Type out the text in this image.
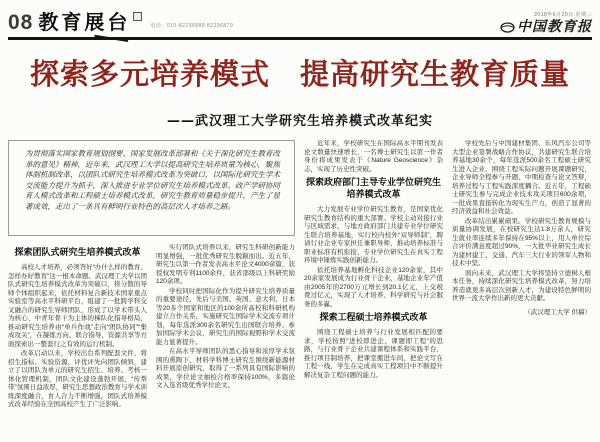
08 教育展台	电话：010-82296888 82296879
2018年6月20日 星期三
中国教育报
探索多元培养模式　提高研究生教育质量
——武汉理工大学研究生培养模式改革纪实
为贯彻落实国家教育规划纲要、国家发展改革部署和《关于深化研究生教育改革的意见》精神，近年来，武汉理工大学以提高研究生培养质量为核心，聚焦体制机制改革，以团队式研究生培养模式改革为突破口，以国际化研究生学术交流能力提升为抓手，深入推进专业学位研究生培养模式改革、政产学研协同育人模式改革和工程硕士培养模式改革，研究生教育质量稳步提升，产生了显著成效，走出了一条具有鲜明行业特色的高层次人才培养之路。
探索团队式研究生培养模式改革

高校人才培养，必须答好“办什么样的教育、怎样办好教育”这一根本命题。武汉理工大学以团队式研究生培养模式改革为突破口，将分散的导师个体组织起来，依托材料复合新技术国家重点实验室等高水平科研平台，组建了一批跨学科交叉融合的研究生导师团队，形成了以学术带头人为核心、中青年骨干为主体的梯队化指导格局，推动研究生培养由“单兵作战”走向“团队协同”“集成攻关”，在凝练方向、联合指导、资源共享等方面探索出一整套行之有效的运行机制。

改革启动以来，学校出台系列配套文件，将招生指标、实验资源、评优评先向团队倾斜，建立了以团队为单元的研究生招生、培养、考核一体化管理机制，团队文化建设蓬勃开展，“传帮带”氛围日益浓厚，研究生思想政治教育与学术训练深度融合，育人合力不断增强，团队式培养模式改革经验在全国高校产生了广泛影响。

实行团队式培养以来，研究生科研创新能力明显增强，一批优秀研究生脱颖而出。近五年，研究生以第一作者发表高水平论文4000余篇，获授权发明专利1100余件，获省部级以上科研奖励120余项。

学校同时把国际化作为提升研究生培养质量的重要途径，先后与美国、英国、意大利、日本等20多个国家和地区的100余所高校和科研机构建立合作关系，实施研究生国际学术交流专项计划，每年选派300余名研究生出国联合培养、参加国际学术会议，研究生的国际视野和学术交流能力显著提升。

在高水平导师团队的悉心指导和浓厚学术氛围的熏陶下，材料学科博士研究生围绕新能源材料开展原创研究，取得了一系列具有国际影响的成果，学位论文抽检合格率保持100%，多篇论文入选省级优秀学位论文。

近年来，学校研究生在国际高水平期刊发表论文数量快速增长，一名博士研究生以第一作者身份将成果发表于《Nature Geoscience》杂志，实现了历史性突破。

探索政府部门主导专业学位研究生培养模式改革

大力发展专业学位研究生教育，是国家优化研究生教育结构的重大部署。学校主动对接行业与区域需求，与地方政府部门共建专业学位研究生联合培养基地，实行校内校外“双导师制”，聘请行业企业专家担任兼职导师，推动培养标准与职业标准有机衔接，专业学位研究生在真实工程环境中锤炼实践创新能力。

依托培养基地孵化科技企业120余家，其中20余家发展成为行业骨干企业，基地企业年产值由2005年的2700万元增长到20.1亿元，上交税费过亿元，实现了人才培养、科学研究与社会服务的多赢。

探索工程硕士培养模式改革

围绕工程硕士培养与行业发展相匹配的要求，学校按照“进校即进企、课题即工程”的思路，与行业骨干企业共建课程体系和实践平台，推行项目制培养，把课堂搬进车间、把论文写在工程一线，学生在完成真实工程项目中不断提升解决复杂工程问题的能力。

学校先后与中国建材集团、东风汽车公司等大型企业签署战略合作协议，共建研究生联合培养基地30余个，每年选派500余名工程硕士研究生进入企业，围绕工程实际问题开展课题研究，企业导师全程参与开题、中期检查与论文答辩，培养过程与工程实践深度耦合。近五年，工程硕士研究生参与完成企业技术攻关项目600余项，一批成果直接转化为现实生产力，创造了显著的经济效益和社会效益。

改革结出累累硕果。学校研究生教育规模与质量协调发展，在校研究生达1.8万余人，研究生就业率连续多年保持在95%以上，用人单位综合评价满意度超过90%，一大批毕业研究生成长为建材建工、交通、汽车三大行业的领军人物和技术中坚。

面向未来，武汉理工大学将坚持立德树人根本任务，持续深化研究生培养模式改革，努力培养造就更多高层次创新人才，为建设特色鲜明的世界一流大学作出新的更大贡献。

（武汉理工大学 供稿）
